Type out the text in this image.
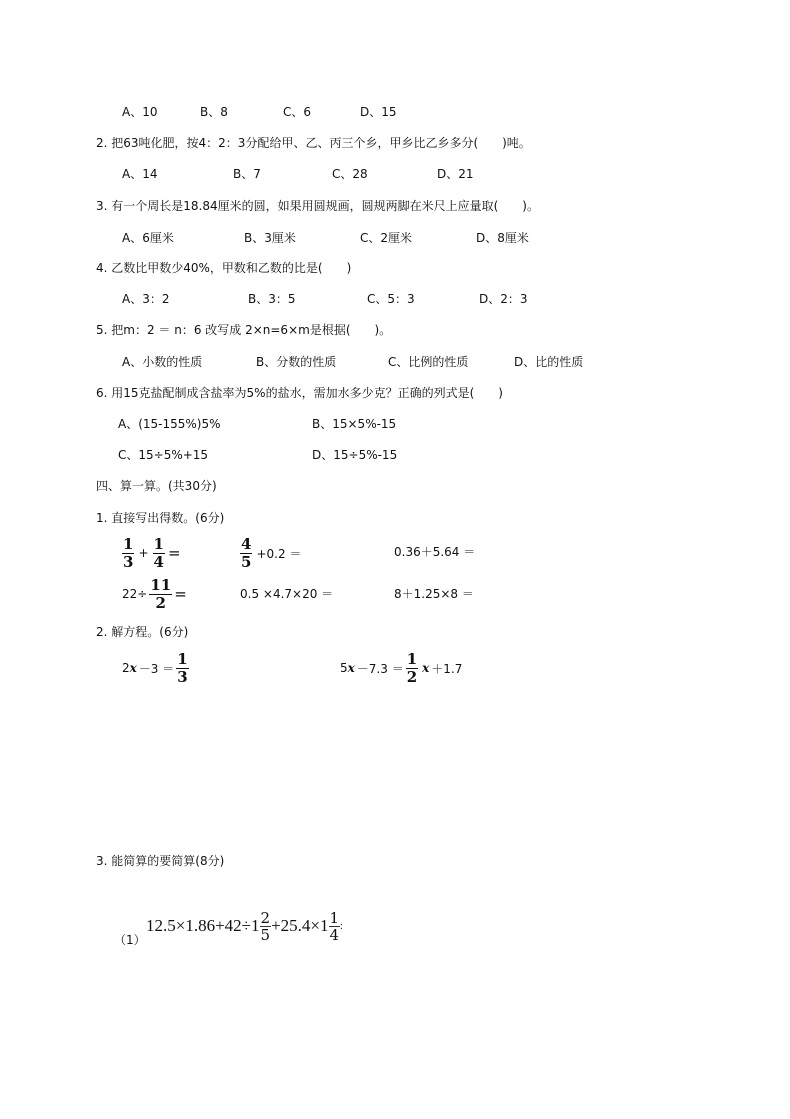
A、10	B、8	C、6	D、15
2. 把63吨化肥，按4：2：3分配给甲、乙、丙三个乡，甲乡比乙乡多分(　　)吨。
A、14	B、7	C、28	D、21
3. 有一个周长是18.84厘米的圆，如果用圆规画，圆规两脚在米尺上应量取(　　)。
A、6厘米	B、3厘米	C、2厘米	D、8厘米
4. 乙数比甲数少40%，甲数和乙数的比是(　　)
A、3：2	B、3：5	C、5：3	D、2：3
5. 把m：2 ＝ n：6 改写成 2×n=6×m是根据(　　)。
A、小数的性质	B、分数的性质	C、比例的性质	D、比的性质
6. 用15克盐配制成含盐率为5%的盐水，需加水多少克？正确的列式是(　　)
A、(15-155%)5%	B、15×5%-15
C、15÷5%+15	D、15÷5%-15
四、算一算。(共30分)
1. 直接写出得数。(6分)
$\frac{1}{3} + \frac{1}{4}$ =	$\frac{4}{5} +0.2$ ＝	0.36＋5.64 ＝
$22\div \frac{11}{2}$ =	0.5 ×4.7×20 ＝	8＋1.25×8 ＝
2. 解方程。(6分)
2 $x -3 = \frac{1}{3}$	5 $x -7.3 = \frac{1}{2}$ x ＋1.7
3. 能简算的要简算(8分)
（1）
$12.5\times 1.86+42\div 1 \frac{2}{5} +25.4\times 1 \frac{1}{4}$ :
